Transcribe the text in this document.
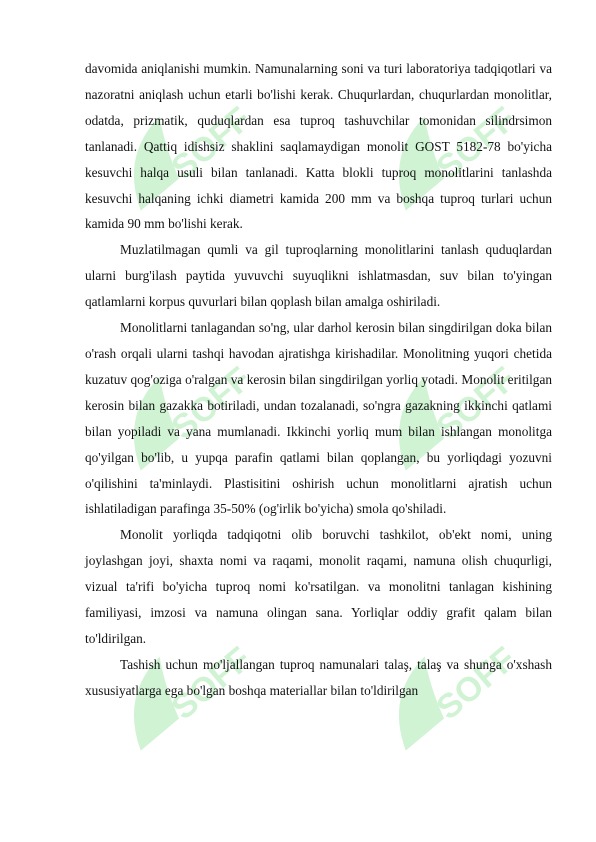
SOFF	SOFF
SOFF	SOFF
SOFF	SOFF

davomida aniqlanishi mumkin. Namunalarning soni va turi laboratoriya tadqiqotlari va nazoratni aniqlash uchun etarli bo'lishi kerak. Chuqurlardan, chuqurlardan monolitlar, odatda, prizmatik, quduqlardan esa tuproq tashuvchilar tomonidan silindrsimon tanlanadi. Qattiq idishsiz shaklini saqlamaydigan monolit GOST 5182-78 bo'yicha kesuvchi halqa usuli bilan tanlanadi. Katta blokli tuproq monolitlarini tanlashda kesuvchi halqaning ichki diametri kamida 200 mm va boshqa tuproq turlari uchun kamida 90 mm bo'lishi kerak.

Muzlatilmagan qumli va gil tuproqlarning monolitlarini tanlash quduqlardan ularni burg'ilash paytida yuvuvchi suyuqlikni ishlatmasdan, suv bilan to'yingan qatlamlarni korpus quvurlari bilan qoplash bilan amalga oshiriladi.

Monolitlarni tanlagandan so'ng, ular darhol kerosin bilan singdirilgan doka bilan o'rash orqali ularni tashqi havodan ajratishga kirishadilar. Monolitning yuqori chetida kuzatuv qog'oziga o'ralgan va kerosin bilan singdirilgan yorliq yotadi. Monolit eritilgan kerosin bilan gazakka botiriladi, undan tozalanadi, so'ngra gazakning ikkinchi qatlami bilan yopiladi va yana mumlanadi. Ikkinchi yorliq mum bilan ishlangan monolitga qo'yilgan bo'lib, u yupqa parafin qatlami bilan qoplangan, bu yorliqdagi yozuvni o'qilishini ta'minlaydi. Plastisitini oshirish uchun monolitlarni ajratish uchun ishlatiladigan parafinga 35-50% (og'irlik bo'yicha) smola qo'shiladi.

Monolit yorliqda tadqiqotni olib boruvchi tashkilot, ob'ekt nomi, uning joylashgan joyi, shaxta nomi va raqami, monolit raqami, namuna olish chuqurligi, vizual ta'rifi bo'yicha tuproq nomi ko'rsatilgan. va monolitni tanlagan kishining familiyasi, imzosi va namuna olingan sana. Yorliqlar oddiy grafit qalam bilan to'ldirilgan.

Tashish uchun mo'ljallangan tuproq namunalari talaş, talaş va shunga o'xshash xususiyatlarga ega bo'lgan boshqa materiallar bilan to'ldirilgan
